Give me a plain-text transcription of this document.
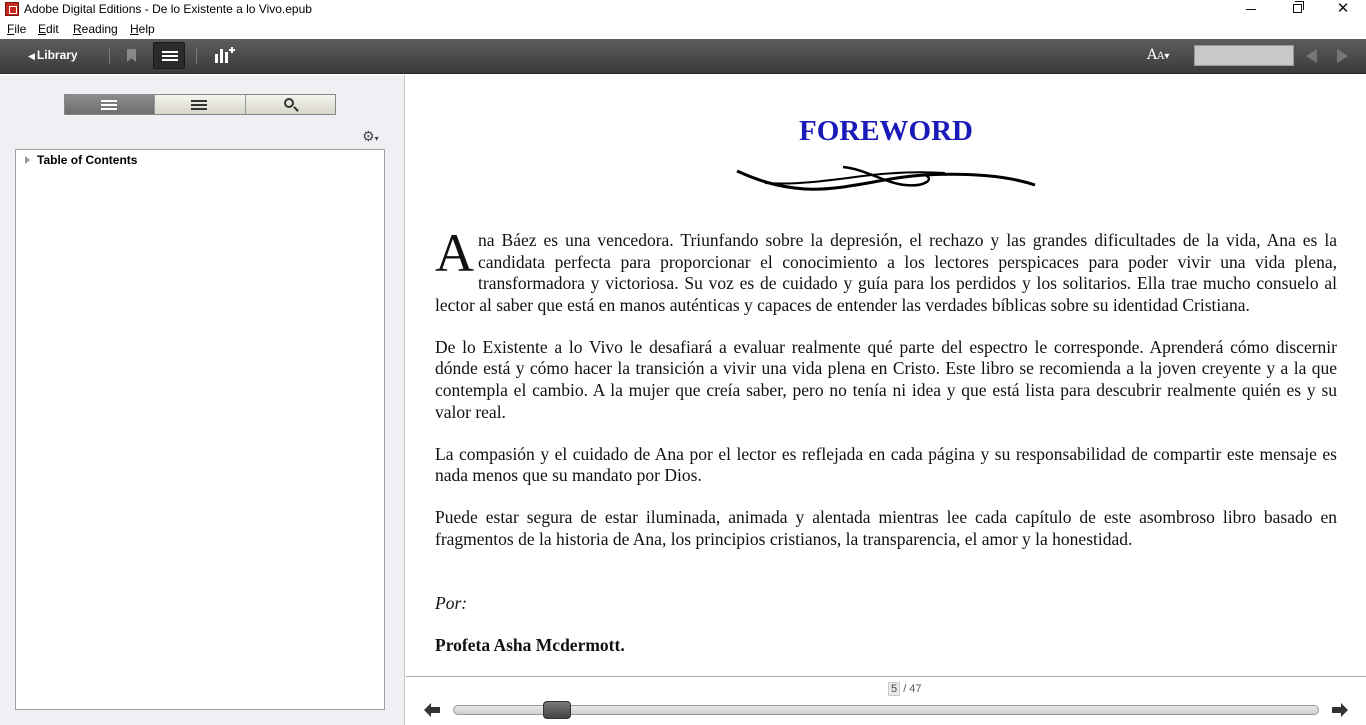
Adobe Digital Editions - De lo Existente a lo Vivo.epub	✕
File Edit Reading Help
◀ Library	AA▾
⚙▾
Table of Contents
FOREWORD

Ana Báez es una vencedora. Triunfando sobre la depresión, el rechazo y las grandes dificultades de la vida, Ana es la candidata perfecta para proporcionar el conocimiento a los lectores perspicaces para poder vivir una vida plena, transformadora y victoriosa. Su voz es de cuidado y guía para los perdidos y los solitarios. Ella trae mucho consuelo al lector al saber que está en manos auténticas y capaces de entender las verdades bíblicas sobre su identidad Cristiana.

De lo Existente a lo Vivo le desafiará a evaluar realmente qué parte del espectro le corresponde. Aprenderá cómo discernir dónde está y cómo hacer la transición a vivir una vida plena en Cristo. Este libro se recomienda a la joven creyente y a la que contempla el cambio. A la mujer que creía saber, pero no tenía ni idea y que está lista para descubrir realmente quién es y su valor real.

La compasión y el cuidado de Ana por el lector es reflejada en cada página y su responsabilidad de compartir este mensaje es nada menos que su mandato por Dios.

Puede estar segura de estar iluminada, animada y alentada mientras lee cada capítulo de este asombroso libro basado en fragmentos de la historia de Ana, los principios cristianos, la transparencia, el amor y la honestidad.

Por:

Profeta Asha Mcdermott.

5 / 47
